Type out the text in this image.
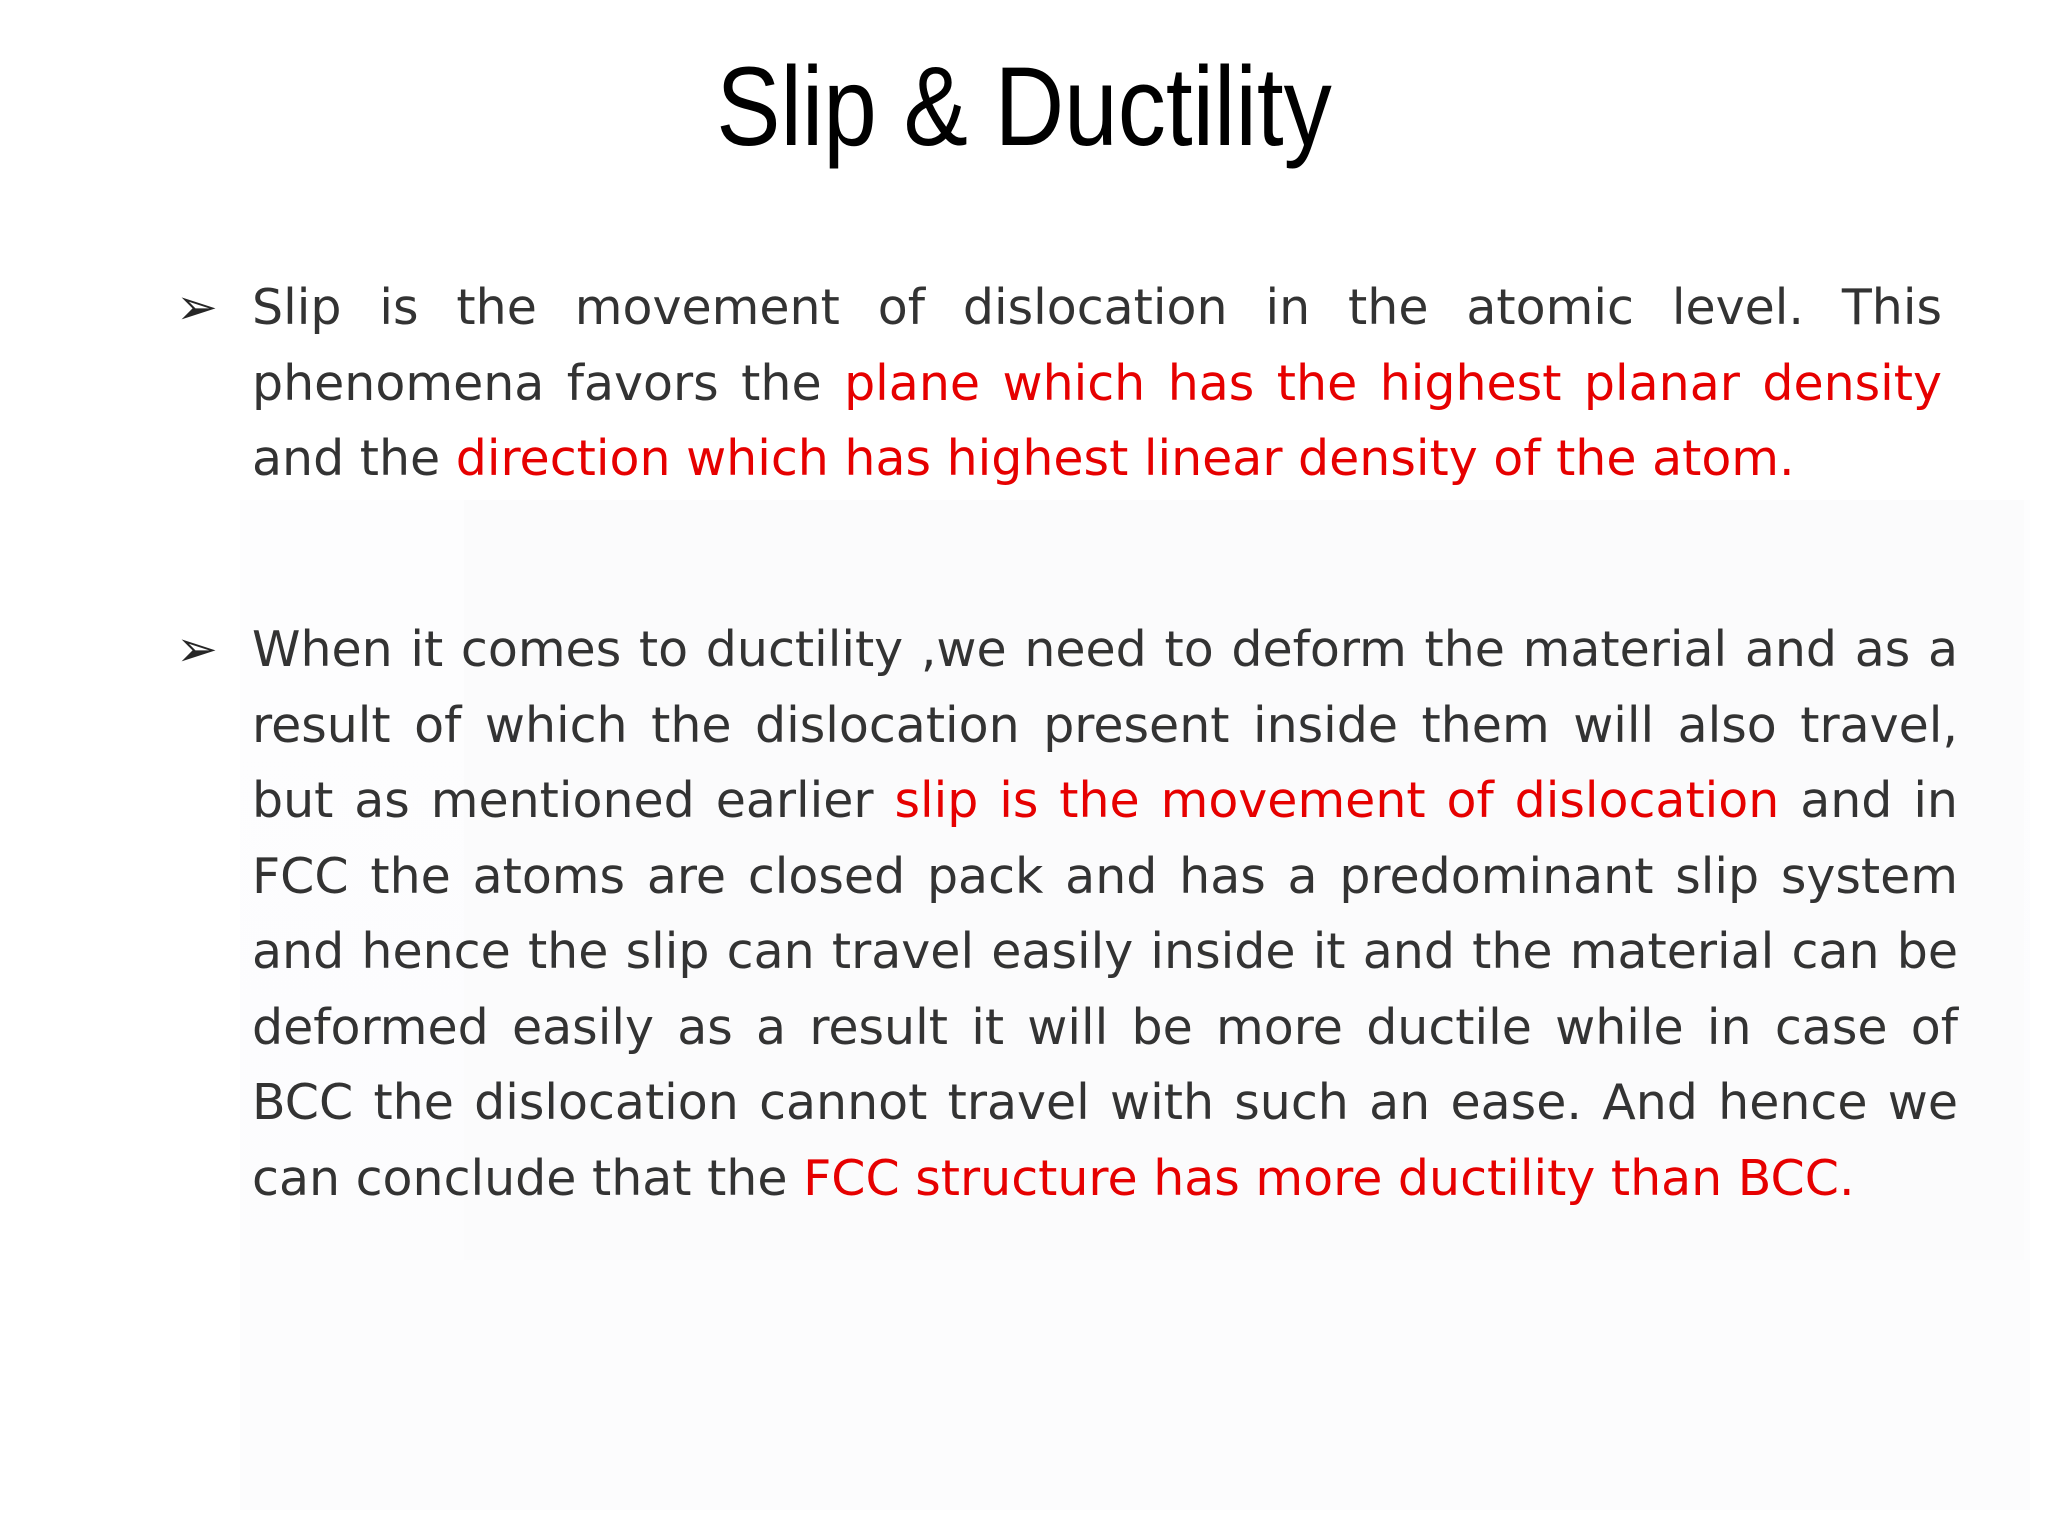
Slip & Ductility
➢ Slip is the movement of dislocation in the atomic level. This phenomena favors the plane which has the highest planar density and the direction which has highest linear density of the atom.

➢ When it comes to ductility ,we need to deform the material and as a result of which the dislocation present inside them will also travel, but as mentioned earlier slip is the movement of dislocation and in FCC the atoms are closed pack and has a predominant slip system and hence the slip can travel easily inside it and the material can be deformed easily as a result it will be more ductile while in case of BCC the dislocation cannot travel with such an ease. And hence we can conclude that the FCC structure has more ductility than BCC.
